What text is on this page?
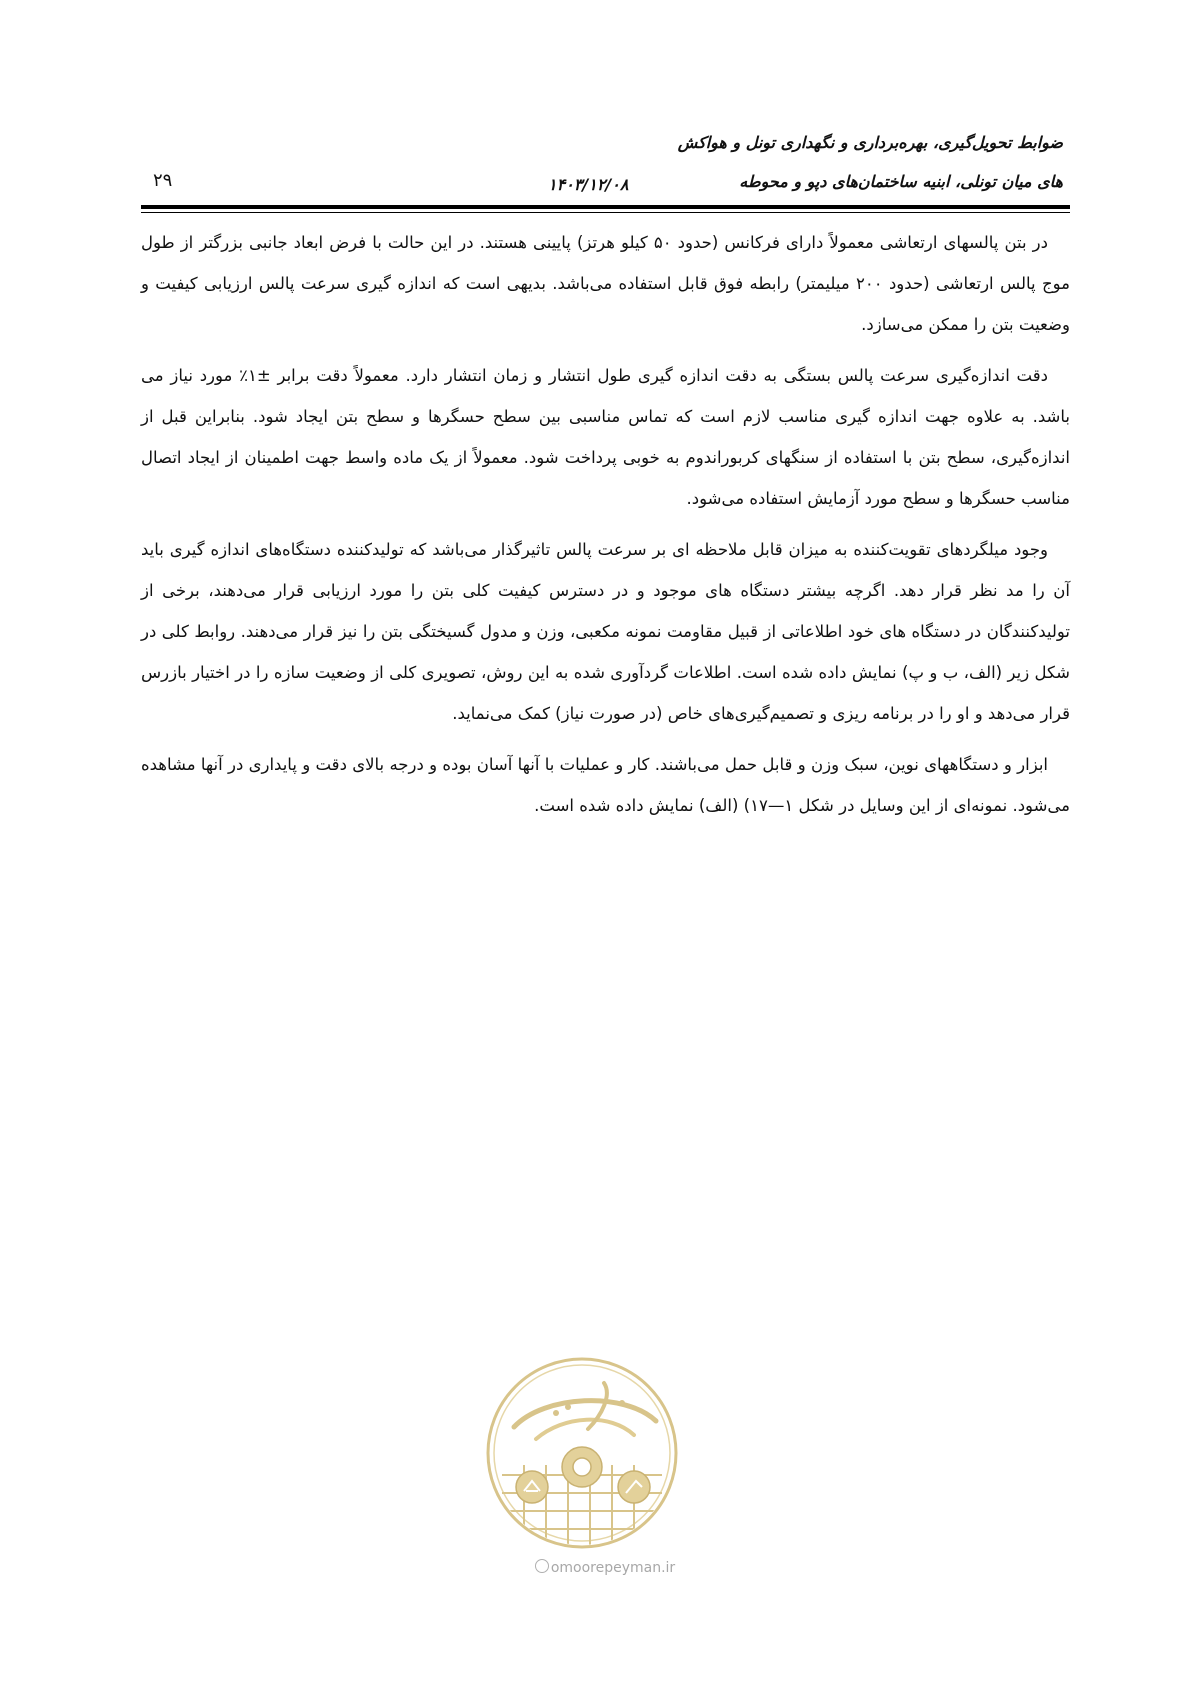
ضوابط تحویل‌گیری، بهره‌برداری و نگهداری تونل و هواکش
های میان تونلی، ابنیه ساختمان‌های دپو و محوطه
۱۴۰۳/۱۲/۰۸
۲۹

در بتن پالسهای ارتعاشی معمولاً دارای فرکانس (حدود ۵۰ کیلو هرتز) پایینی هستند. در این حالت با فرض ابعاد جانبی بزرگتر از طول موج پالس ارتعاشی (حدود ۲۰۰ میلیمتر) رابطه فوق قابل استفاده می‌باشد. بدیهی است که اندازه گیری سرعت پالس ارزیابی کیفیت و وضعیت بتن را ممکن می‌سازد.

دقت اندازه‌گیری سرعت پالس بستگی به دقت اندازه گیری طول انتشار و زمان انتشار دارد. معمولاً دقت برابر ±۱٪ مورد نیاز می باشد. به علاوه جهت اندازه گیری مناسب لازم است که تماس مناسبی بین سطح حسگرها و سطح بتن ایجاد شود. بنابراین قبل از اندازه‌گیری، سطح بتن با استفاده از سنگهای کربوراندوم به خوبی پرداخت شود. معمولاً از یک ماده واسط جهت اطمینان از ایجاد اتصال مناسب حسگرها و سطح مورد آزمایش استفاده می‌شود.

وجود میلگردهای تقویت‌کننده به میزان قابل ملاحظه ای بر سرعت پالس تاثیرگذار می‌باشد که تولیدکننده دستگاه‌های اندازه گیری باید آن را مد نظر قرار دهد. اگرچه بیشتر دستگاه های موجود و در دسترس کیفیت کلی بتن را مورد ارزیابی قرار می‌دهند، برخی از تولیدکنندگان در دستگاه های خود اطلاعاتی از قبیل مقاومت نمونه مکعبی، وزن و مدول گسیختگی بتن را نیز قرار می‌دهند. روابط کلی در شکل زیر (الف، ب و پ) نمایش داده شده است. اطلاعات گردآوری شده به این روش، تصویری کلی از وضعیت سازه را در اختیار بازرس قرار می‌دهد و او را در برنامه ریزی و تصمیم‌گیری‌های خاص (در صورت نیاز) کمک می‌نماید.

ابزار و دستگاههای نوین، سبک وزن و قابل حمل می‌باشند. کار و عملیات با آنها آسان بوده و درجه بالای دقت و پایداری در آنها مشاهده می‌شود. نمونه‌ای از این وسایل در شکل ۱—۱۷) (الف) نمایش داده شده است.

omoorepeyman.ir
